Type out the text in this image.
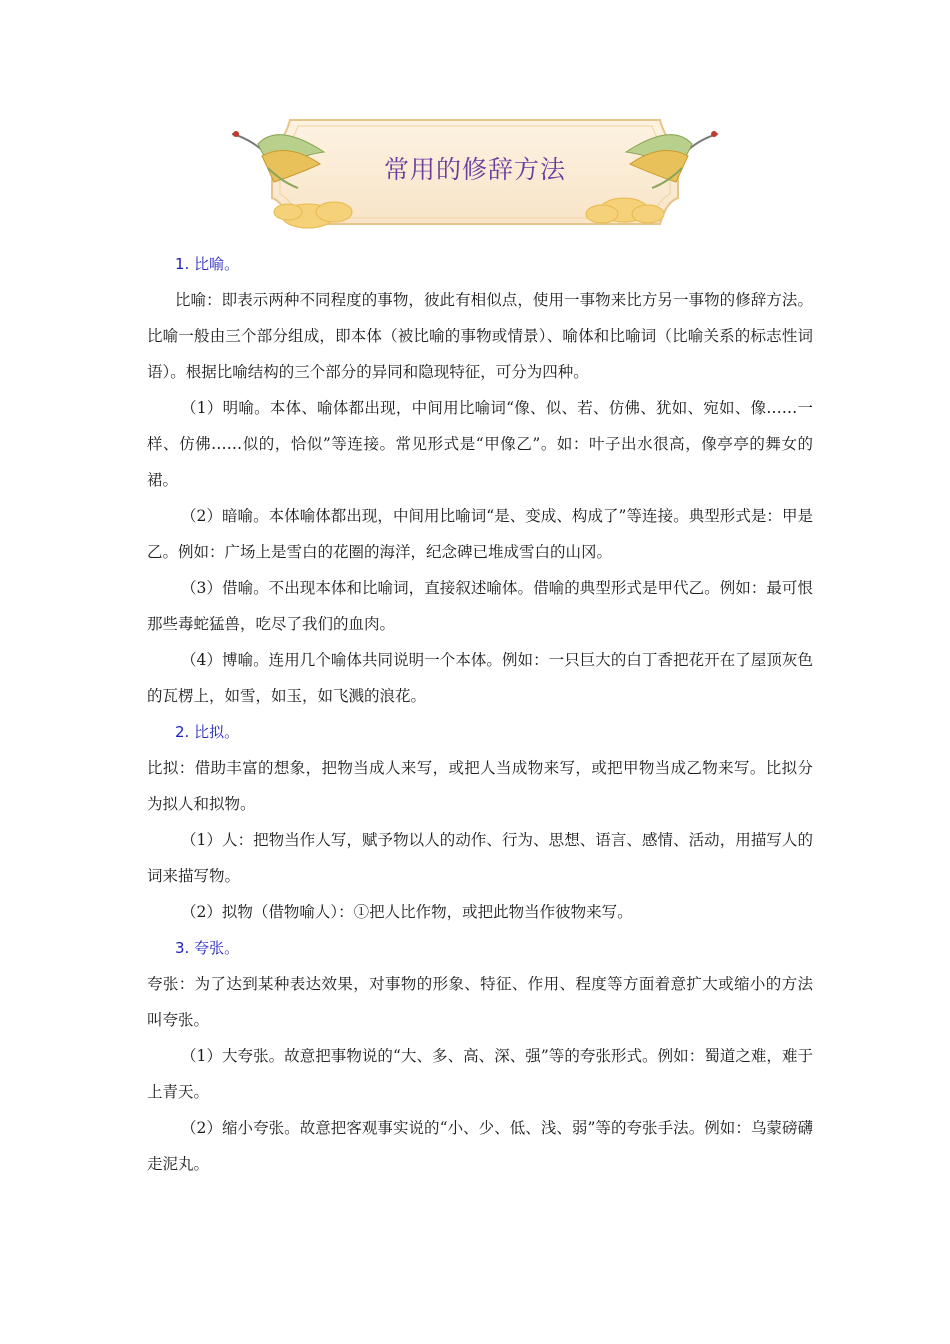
常用的修辞方法

1. 比喻。

比喻：即表示两种不同程度的事物，彼此有相似点，使用一事物来比方另一事物的修辞方法。比喻一般由三个部分组成，即本体（被比喻的事物或情景）、喻体和比喻词（比喻关系的标志性词语）。根据比喻结构的三个部分的异同和隐现特征，可分为四种。

（1）明喻。本体、喻体都出现，中间用比喻词“像、似、若、仿佛、犹如、宛如、像……一样、仿佛……似的，恰似”等连接。常见形式是“甲像乙”。如：叶子出水很高，像亭亭的舞女的裙。

（2）暗喻。本体喻体都出现，中间用比喻词“是、变成、构成了”等连接。典型形式是：甲是乙。例如：广场上是雪白的花圈的海洋，纪念碑已堆成雪白的山冈。

（3）借喻。不出现本体和比喻词，直接叙述喻体。借喻的典型形式是甲代乙。例如：最可恨那些毒蛇猛兽，吃尽了我们的血肉。

（4）博喻。连用几个喻体共同说明一个本体。例如：一只巨大的白丁香把花开在了屋顶灰色的瓦楞上，如雪，如玉，如飞溅的浪花。

2. 比拟。

比拟：借助丰富的想象，把物当成人来写，或把人当成物来写，或把甲物当成乙物来写。比拟分为拟人和拟物。

（1）人：把物当作人写，赋予物以人的动作、行为、思想、语言、感情、活动，用描写人的词来描写物。

（2）拟物（借物喻人）：①把人比作物，或把此物当作彼物来写。

3. 夸张。

夸张：为了达到某种表达效果，对事物的形象、特征、作用、程度等方面着意扩大或缩小的方法叫夸张。

（1）大夸张。故意把事物说的“大、多、高、深、强”等的夸张形式。例如：蜀道之难，难于上青天。

（2）缩小夸张。故意把客观事实说的“小、少、低、浅、弱”等的夸张手法。例如：乌蒙磅礴走泥丸。
